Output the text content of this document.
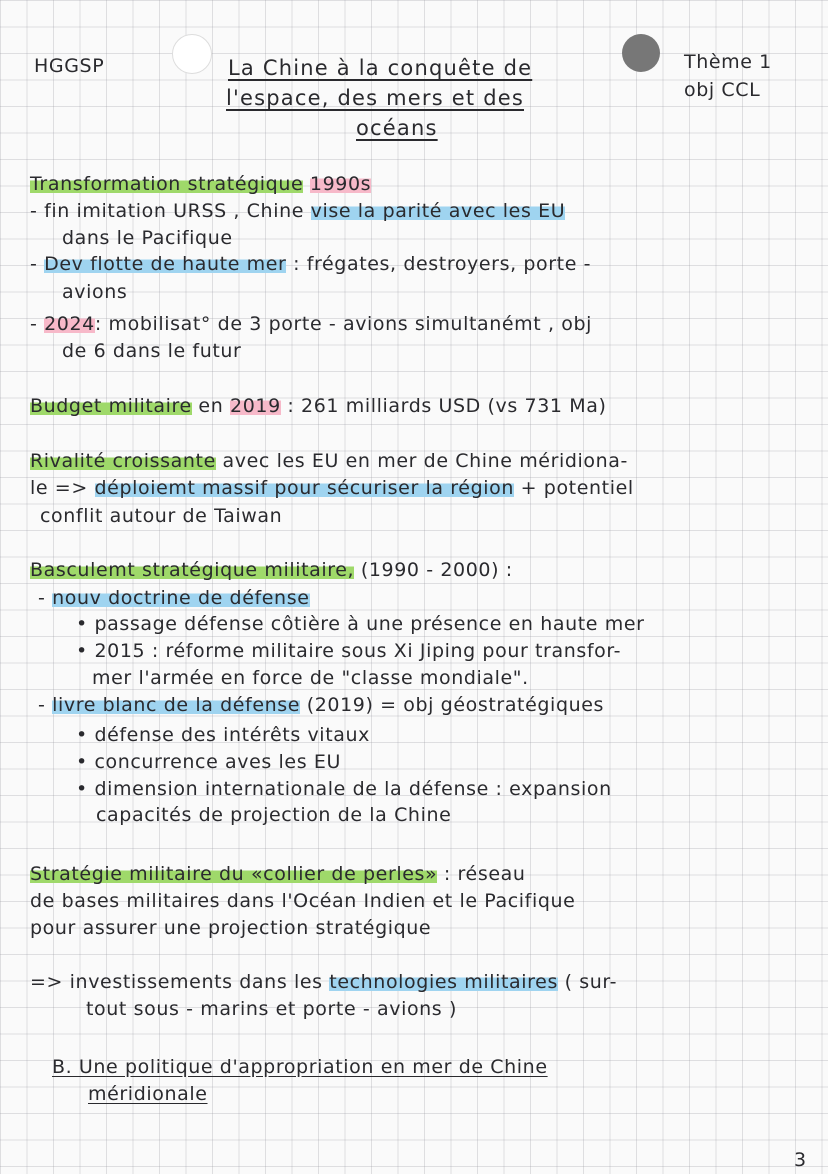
HGGSP	La Chine à la conquête de
l'espace, des mers et des
océans
Thème 1
obj CCL
Transformation stratégique 1990s
- fin imitation URSS , Chine vise la parité avec les EU
dans le Pacifique
- Dev flotte de haute mer : frégates, destroyers, porte -
avions
- 2024: mobilisat° de 3 porte - avions simultanémt , obj
de 6 dans le futur
Budget militaire en 2019 : 261 milliards USD (vs 731 Ma)
Rivalité croissante avec les EU en mer de Chine méridiona-
le => déploiemt massif pour sécuriser la région + potentiel
conflit autour de Taiwan
Basculemt stratégique militaire, (1990 - 2000) :
- nouv doctrine de défense
• passage défense côtière à une présence en haute mer
• 2015 : réforme militaire sous Xi Jiping pour transfor-
mer l'armée en force de "classe mondiale".
- livre blanc de la défense (2019) = obj géostratégiques
• défense des intérêts vitaux
• concurrence aves les EU
• dimension internationale de la défense : expansion
capacités de projection de la Chine
Stratégie militaire du «collier de perles» : réseau
de bases militaires dans l'Océan Indien et le Pacifique
pour assurer une projection stratégique
=> investissements dans les technologies militaires ( sur-
tout sous - marins et porte - avions )
B. Une politique d'appropriation en mer de Chine
méridionale
3
